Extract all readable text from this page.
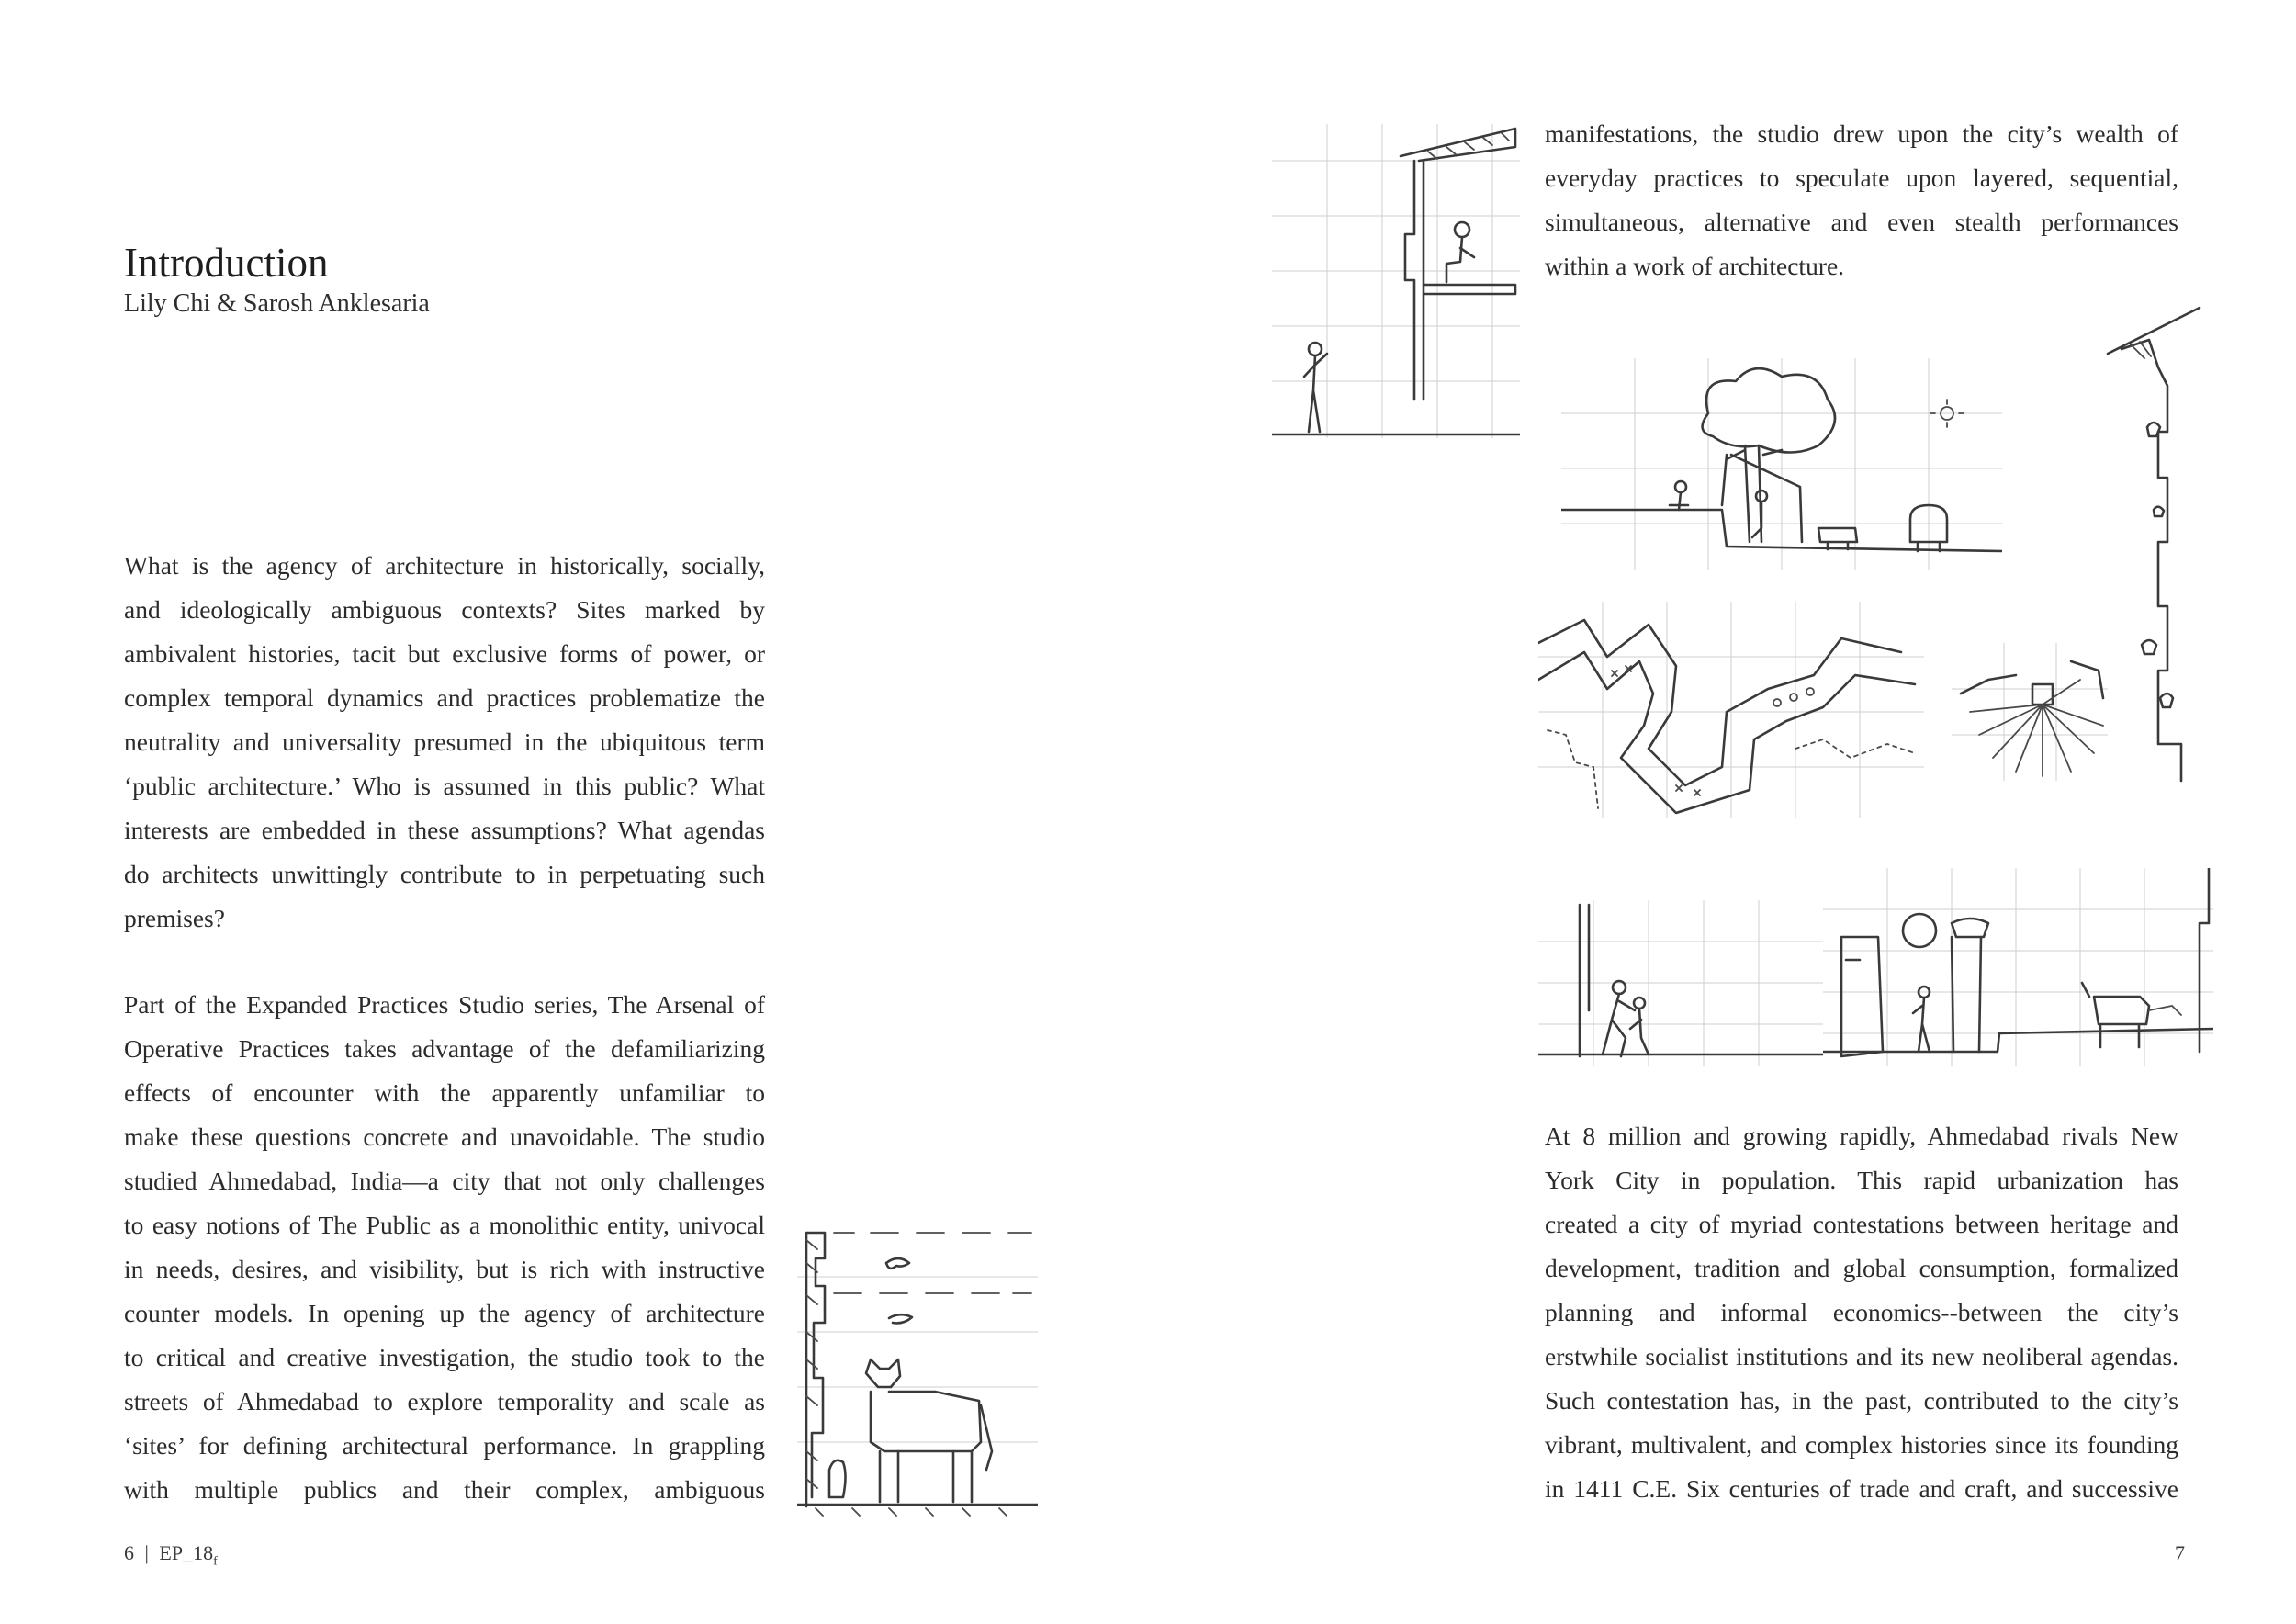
Introduction
Lily Chi & Sarosh Anklesaria
What is the agency of architecture in historically, socially,
and ideologically ambiguous contexts? Sites marked by
ambivalent histories, tacit but exclusive forms of power, or
complex temporal dynamics and practices problematize the
neutrality and universality presumed in the ubiquitous term
‘public architecture.’ Who is assumed in this public? What
interests are embedded in these assumptions? What agendas
do architects unwittingly contribute to in perpetuating such
premises?
Part of the Expanded Practices Studio series, The Arsenal of
Operative Practices takes advantage of the defamiliarizing
effects of encounter with the apparently unfamiliar to
make these questions concrete and unavoidable. The studio
studied Ahmedabad, India—a city that not only challenges
to easy notions of The Public as a monolithic entity, univocal
in needs, desires, and visibility, but is rich with instructive
counter models. In opening up the agency of architecture
to critical and creative investigation, the studio took to the
streets of Ahmedabad to explore temporality and scale as
‘sites’ for defining architectural performance. In grappling
with multiple publics and their complex, ambiguous
6 | $EP\_18_f$
manifestations, the studio drew upon the city’s wealth of
everyday practices to speculate upon layered, sequential,
simultaneous, alternative and even stealth performances
within a work of architecture.
At 8 million and growing rapidly, Ahmedabad rivals New
York City in population. This rapid urbanization has
created a city of myriad contestations between heritage and
development, tradition and global consumption, formalized
planning and informal economics--between the city’s
erstwhile socialist institutions and its new neoliberal agendas.
Such contestation has, in the past, contributed to the city’s
vibrant, multivalent, and complex histories since its founding
in 1411 C.E. Six centuries of trade and craft, and successive
7
